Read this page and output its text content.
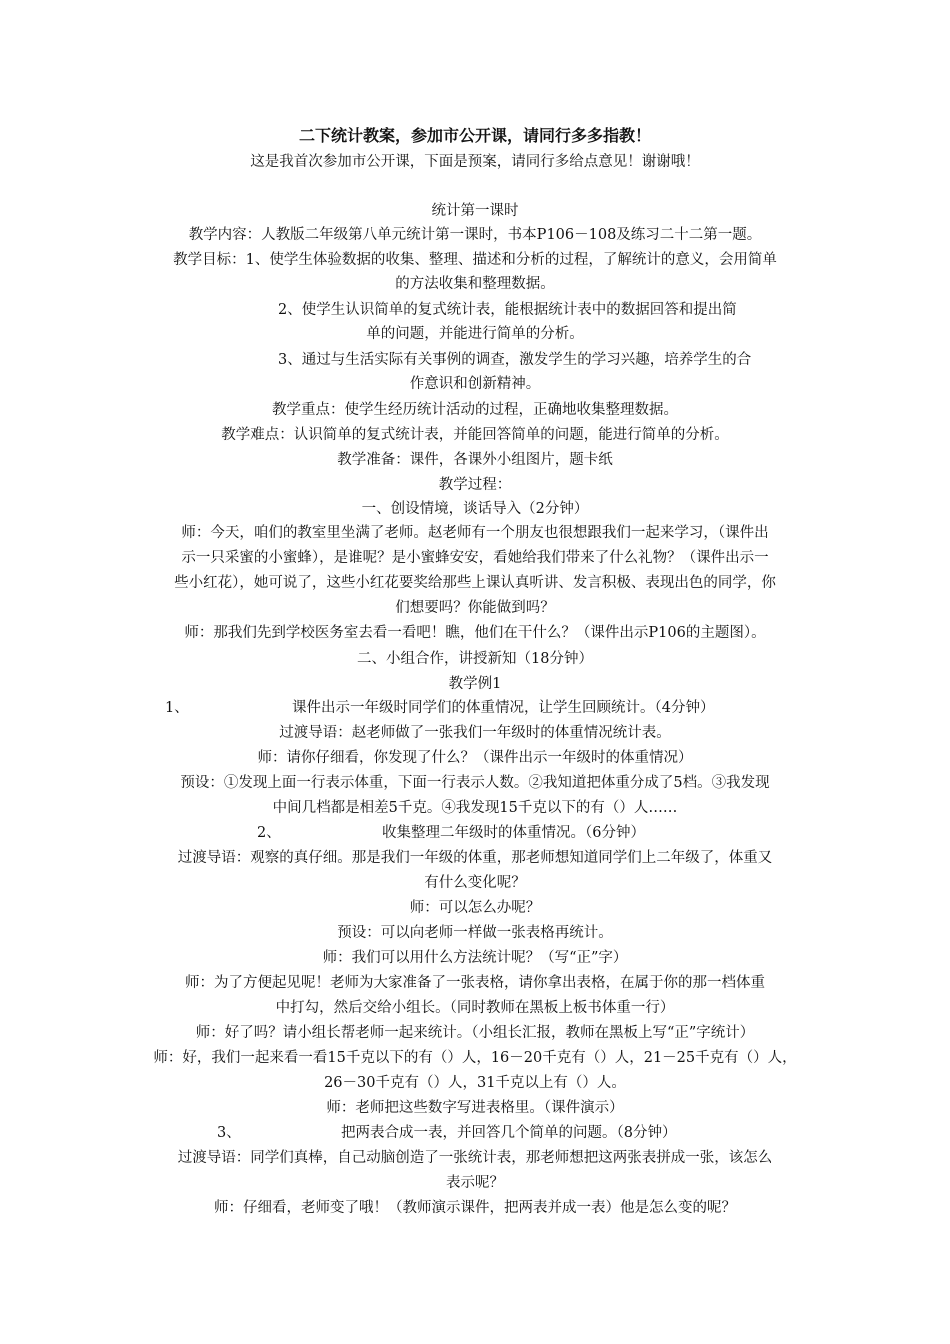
二下统计教案，参加市公开课，请同行多多指教！
这是我首次参加市公开课，下面是预案，请同行多给点意见！谢谢哦！
统计第一课时
教学内容：人教版二年级第八单元统计第一课时，书本P106－108及练习二十二第一题。
教学目标：1、使学生体验数据的收集、整理、描述和分析的过程，了解统计的意义，会用简单
的方法收集和整理数据。
2、使学生认识简单的复式统计表，能根据统计表中的数据回答和提出简
单的问题，并能进行简单的分析。
3、通过与生活实际有关事例的调查，激发学生的学习兴趣，培养学生的合
作意识和创新精神。
教学重点：使学生经历统计活动的过程，正确地收集整理数据。
教学难点：认识简单的复式统计表，并能回答简单的问题，能进行简单的分析。
教学准备：课件，各课外小组图片，题卡纸
教学过程：
一、创设情境，谈话导入（2分钟）
师：今天，咱们的教室里坐满了老师。赵老师有一个朋友也很想跟我们一起来学习，（课件出
示一只采蜜的小蜜蜂），是谁呢？是小蜜蜂安安，看她给我们带来了什么礼物？（课件出示一
些小红花），她可说了，这些小红花要奖给那些上课认真听讲、发言积极、表现出色的同学，你
们想要吗？你能做到吗？
师：那我们先到学校医务室去看一看吧！瞧，他们在干什么？（课件出示P106的主题图）。
二、小组合作，讲授新知（18分钟）
教学例1
1、	课件出示一年级时同学们的体重情况，让学生回顾统计。（4分钟）
过渡导语：赵老师做了一张我们一年级时的体重情况统计表。
师：请你仔细看，你发现了什么？（课件出示一年级时的体重情况）
预设：①发现上面一行表示体重，下面一行表示人数。②我知道把体重分成了5档。③我发现
中间几档都是相差5千克。④我发现15千克以下的有（）人……
2、	收集整理二年级时的体重情况。（6分钟）
过渡导语：观察的真仔细。那是我们一年级的体重，那老师想知道同学们上二年级了，体重又
有什么变化呢？
师：可以怎么办呢？
预设：可以向老师一样做一张表格再统计。
师：我们可以用什么方法统计呢？（写“正”字）
师：为了方便起见呢！老师为大家准备了一张表格，请你拿出表格，在属于你的那一档体重
中打勾，然后交给小组长。（同时教师在黑板上板书体重一行）
师：好了吗？请小组长帮老师一起来统计。（小组长汇报，教师在黑板上写“正”字统计）
师：好，我们一起来看一看15千克以下的有（）人，16－20千克有（）人，21－25千克有（）人，
26－30千克有（）人，31千克以上有（）人。
师：老师把这些数字写进表格里。（课件演示）
3、	把两表合成一表，并回答几个简单的问题。（8分钟）
过渡导语：同学们真棒，自己动脑创造了一张统计表，那老师想把这两张表拼成一张，该怎么
表示呢？
师：仔细看，老师变了哦！（教师演示课件，把两表并成一表）他是怎么变的呢？
